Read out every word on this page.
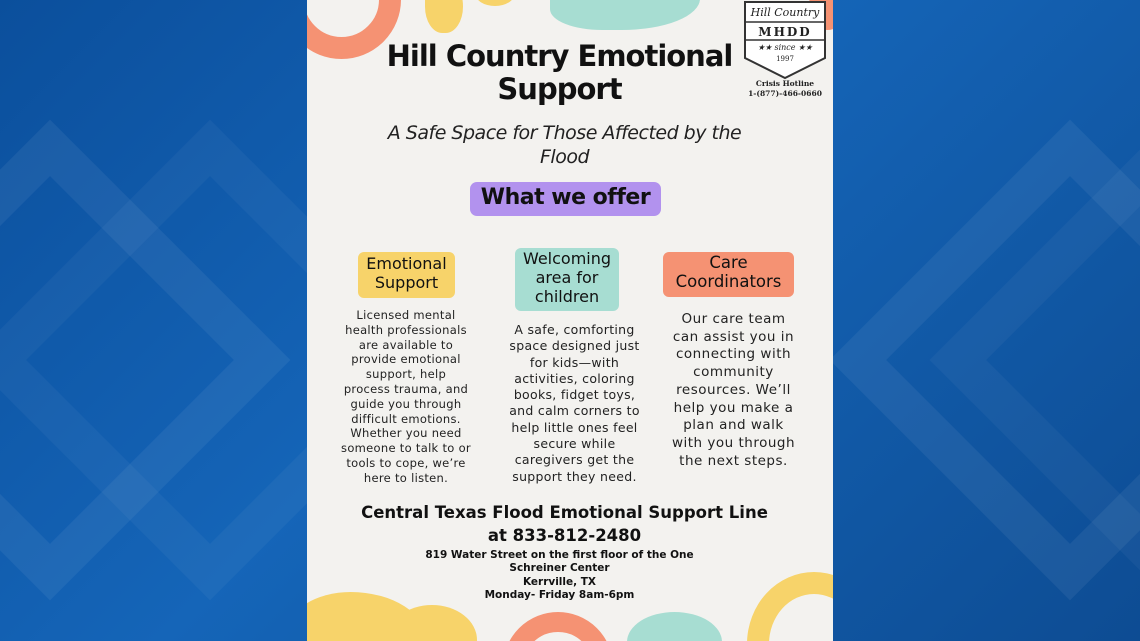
Hill Country
MHDD
★★ since ★★
1997
Crisis Hotline
1-(877)-466-0660
Hill Country Emotional Support
A Safe Space for Those Affected by the Flood
What we offer
Emotional Support
Licensed mental health professionals are available to provide emotional support, help process trauma, and guide you through difficult emotions. Whether you need someone to talk to or tools to cope, we’re here to listen.
Welcoming area for children
A safe, comforting space designed just for kids—with activities, coloring books, fidget toys, and calm corners to help little ones feel secure while caregivers get the support they need.
Care Coordinators
Our care team can assist you in connecting with community resources. We’ll help you make a plan and walk with you through the next steps.
Central Texas Flood Emotional Support Line
at 833-812-2480
819 Water Street on the first floor of the One
Schreiner Center
Kerrville, TX
Monday- Friday 8am-6pm
